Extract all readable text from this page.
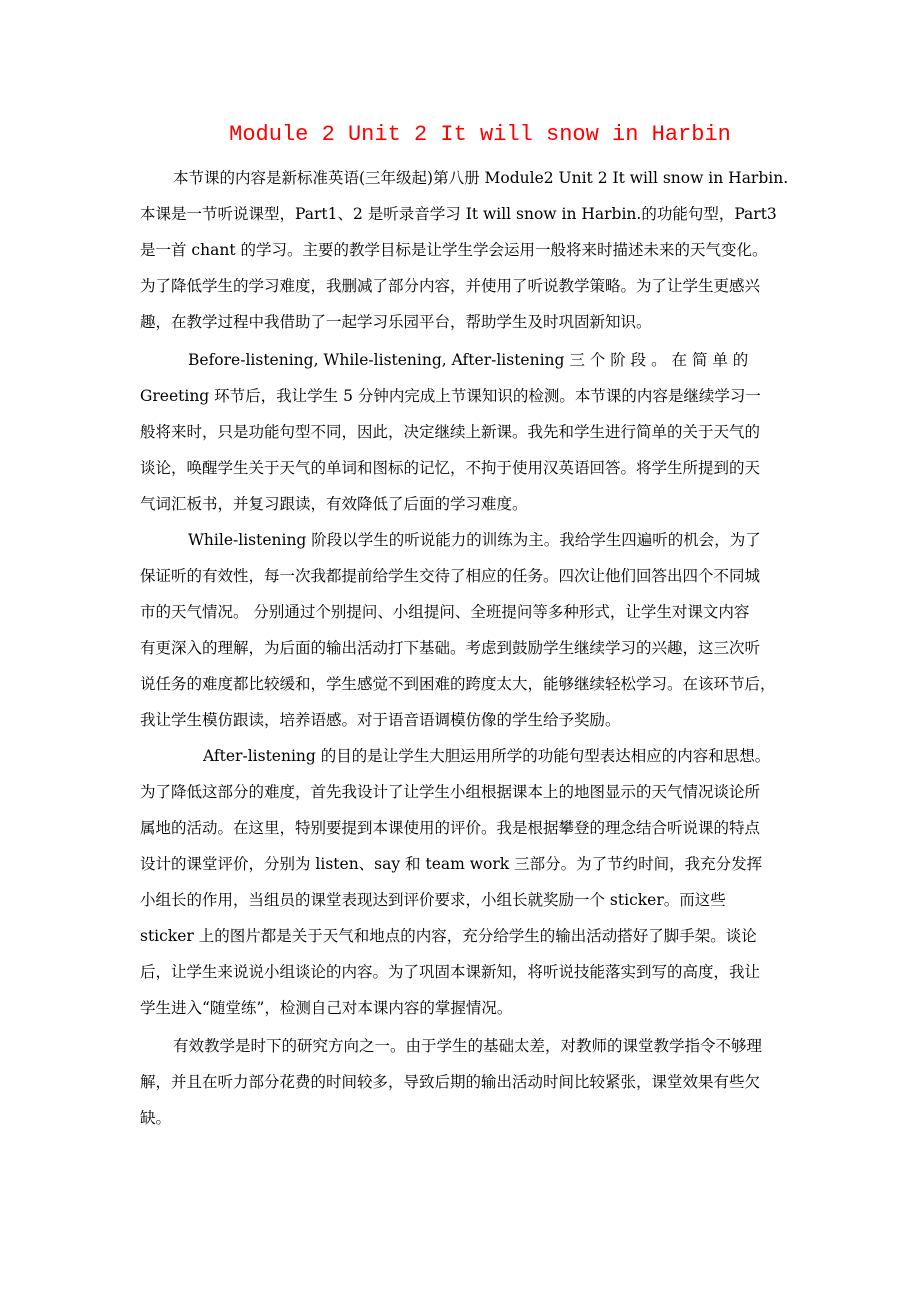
Module 2 Unit 2 It will snow in Harbin
本节课的内容是新标准英语(三年级起)第八册 Module2 Unit 2 It will snow in Harbin.
本课是一节听说课型，Part1、2 是听录音学习 It will snow in Harbin.的功能句型，Part3
是一首 chant 的学习。主要的教学目标是让学生学会运用一般将来时描述未来的天气变化。
为了降低学生的学习难度，我删减了部分内容，并使用了听说教学策略。为了让学生更感兴
趣，在教学过程中我借助了一起学习乐园平台，帮助学生及时巩固新知识。
Before-listening, While-listening, After-listening 三 个 阶 段 。 在 简 单 的
Greeting 环节后，我让学生 5 分钟内完成上节课知识的检测。本节课的内容是继续学习一
般将来时，只是功能句型不同，因此，决定继续上新课。我先和学生进行简单的关于天气的
谈论，唤醒学生关于天气的单词和图标的记忆，不拘于使用汉英语回答。将学生所提到的天
气词汇板书，并复习跟读，有效降低了后面的学习难度。
While-listening 阶段以学生的听说能力的训练为主。我给学生四遍听的机会，为了
保证听的有效性，每一次我都提前给学生交待了相应的任务。四次让他们回答出四个不同城
市的天气情况。 分别通过个别提问、小组提问、全班提问等多种形式，让学生对课文内容
有更深入的理解，为后面的输出活动打下基础。考虑到鼓励学生继续学习的兴趣，这三次听
说任务的难度都比较缓和，学生感觉不到困难的跨度太大，能够继续轻松学习。在该环节后，
我让学生模仿跟读，培养语感。对于语音语调模仿像的学生给予奖励。
After-listening 的目的是让学生大胆运用所学的功能句型表达相应的内容和思想。
为了降低这部分的难度，首先我设计了让学生小组根据课本上的地图显示的天气情况谈论所
属地的活动。在这里，特别要提到本课使用的评价。我是根据攀登的理念结合听说课的特点
设计的课堂评价，分别为 listen、say 和 team work 三部分。为了节约时间，我充分发挥
小组长的作用，当组员的课堂表现达到评价要求，小组长就奖励一个 sticker。而这些
sticker 上的图片都是关于天气和地点的内容，充分给学生的输出活动搭好了脚手架。谈论
后，让学生来说说小组谈论的内容。为了巩固本课新知，将听说技能落实到写的高度，我让
学生进入“随堂练”，检测自己对本课内容的掌握情况。
有效教学是时下的研究方向之一。由于学生的基础太差，对教师的课堂教学指令不够理
解，并且在听力部分花费的时间较多，导致后期的输出活动时间比较紧张，课堂效果有些欠
缺。
